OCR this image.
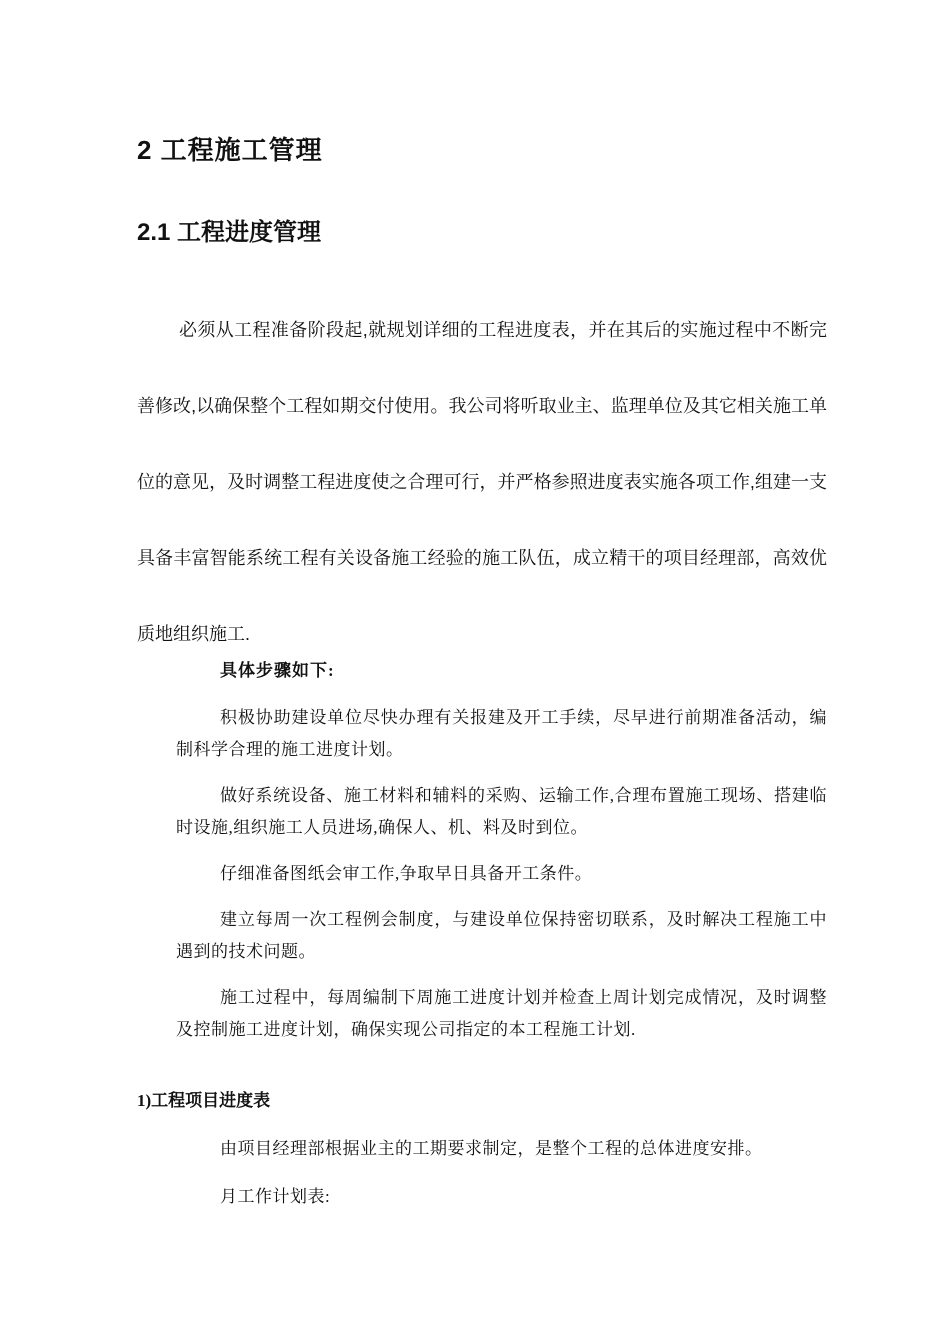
2 工程施工管理
2.1 工程进度管理

必须从工程准备阶段起,就规划详细的工程进度表，并在其后的实施过程中不断完善修改,以确保整个工程如期交付使用。我公司将听取业主、监理单位及其它相关施工单位的意见，及时调整工程进度使之合理可行，并严格参照进度表实施各项工作,组建一支具备丰富智能系统工程有关设备施工经验的施工队伍，成立精干的项目经理部，高效优质地组织施工.

具体步骤如下:

积极协助建设单位尽快办理有关报建及开工手续，尽早进行前期准备活动，编制科学合理的施工进度计划。

做好系统设备、施工材料和辅料的采购、运输工作,合理布置施工现场、搭建临时设施,组织施工人员进场,确保人、机、料及时到位。

仔细准备图纸会审工作,争取早日具备开工条件。

建立每周一次工程例会制度，与建设单位保持密切联系，及时解决工程施工中遇到的技术问题。

施工过程中，每周编制下周施工进度计划并检查上周计划完成情况，及时调整及控制施工进度计划，确保实现公司指定的本工程施工计划.

1)工程项目进度表

由项目经理部根据业主的工期要求制定，是整个工程的总体进度安排。

月工作计划表:
